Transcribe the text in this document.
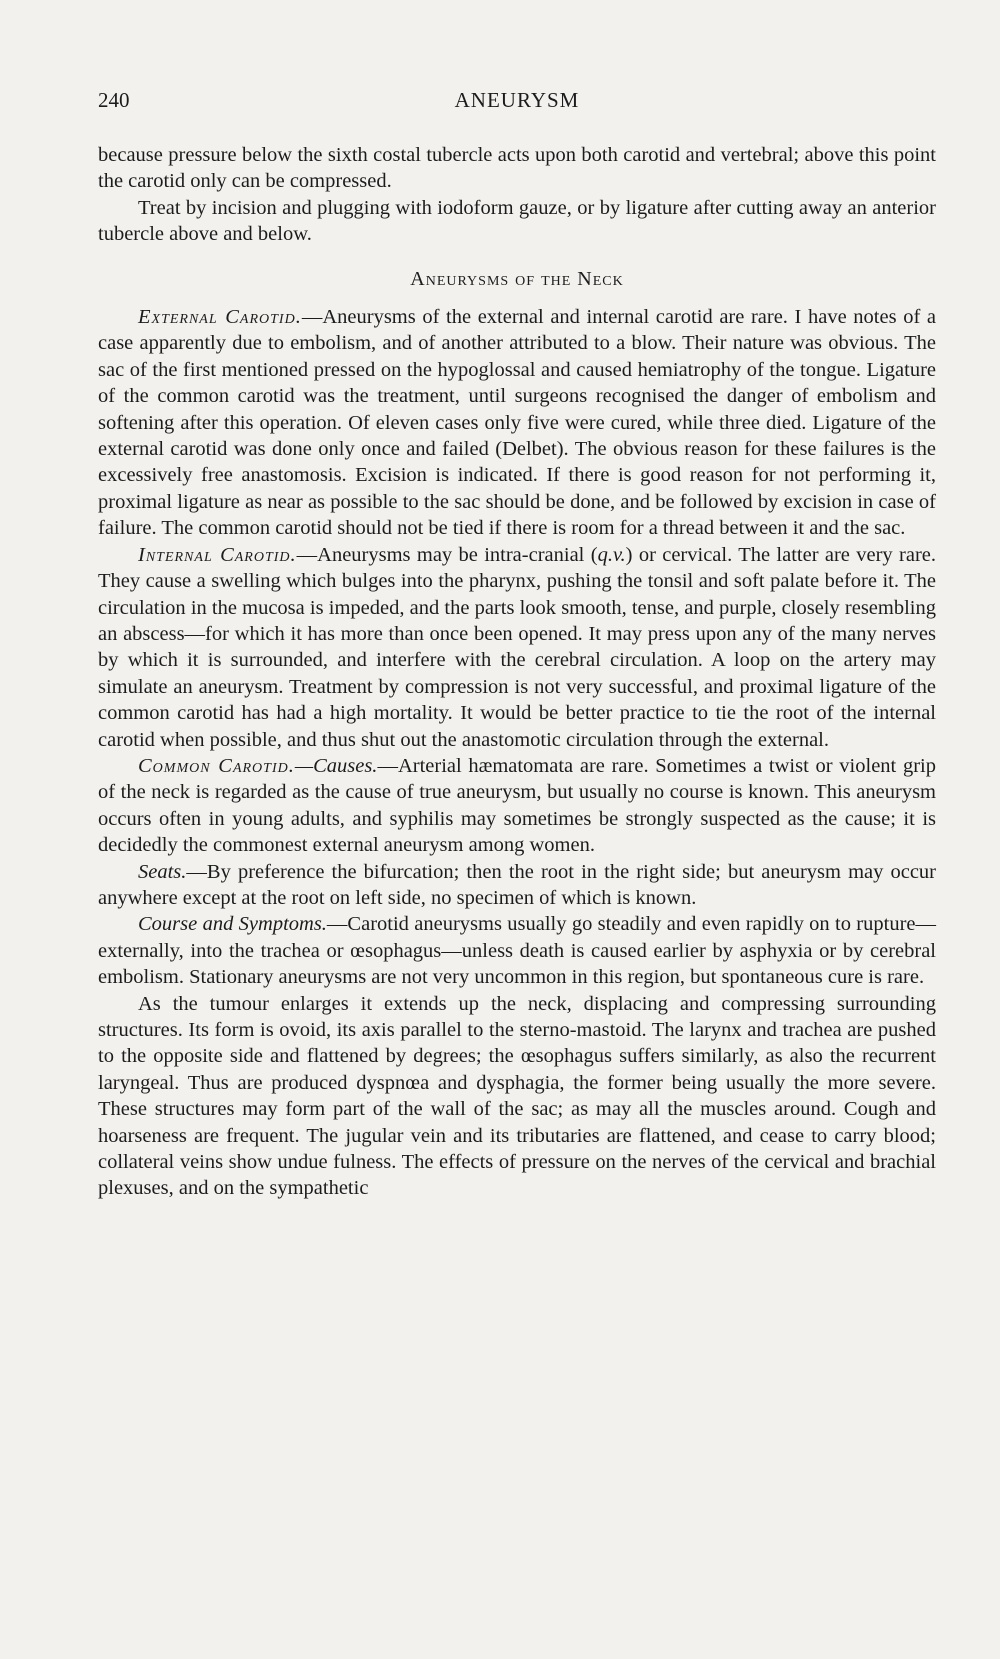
240	ANEURYSM

because pressure below the sixth costal tubercle acts upon both carotid and vertebral; above this point the carotid only can be compressed.

Treat by incision and plugging with iodoform gauze, or by ligature after cutting away an anterior tubercle above and below.

Aneurysms of the Neck

External Carotid.—Aneurysms of the external and internal carotid are rare. I have notes of a case apparently due to embolism, and of another attributed to a blow. Their nature was obvious. The sac of the first mentioned pressed on the hypoglossal and caused hemiatrophy of the tongue. Ligature of the common carotid was the treatment, until surgeons recognised the danger of embolism and softening after this operation. Of eleven cases only five were cured, while three died. Ligature of the external carotid was done only once and failed (Delbet). The obvious reason for these failures is the excessively free anastomosis. Excision is indicated. If there is good reason for not performing it, proximal ligature as near as possible to the sac should be done, and be followed by excision in case of failure. The common carotid should not be tied if there is room for a thread between it and the sac.

Internal Carotid.—Aneurysms may be intra-cranial (q.v.) or cervical. The latter are very rare. They cause a swelling which bulges into the pharynx, pushing the tonsil and soft palate before it. The circulation in the mucosa is impeded, and the parts look smooth, tense, and purple, closely resembling an abscess—for which it has more than once been opened. It may press upon any of the many nerves by which it is surrounded, and interfere with the cerebral circulation. A loop on the artery may simulate an aneurysm. Treatment by compression is not very successful, and proximal ligature of the common carotid has had a high mortality. It would be better practice to tie the root of the internal carotid when possible, and thus shut out the anastomotic circulation through the external.

Common Carotid.—Causes.—Arterial hæmatomata are rare. Sometimes a twist or violent grip of the neck is regarded as the cause of true aneurysm, but usually no course is known. This aneurysm occurs often in young adults, and syphilis may sometimes be strongly suspected as the cause; it is decidedly the commonest external aneurysm among women.

Seats.—By preference the bifurcation; then the root in the right side; but aneurysm may occur anywhere except at the root on left side, no specimen of which is known.

Course and Symptoms.—Carotid aneurysms usually go steadily and even rapidly on to rupture—externally, into the trachea or œsophagus—unless death is caused earlier by asphyxia or by cerebral embolism. Stationary aneurysms are not very uncommon in this region, but spontaneous cure is rare.

As the tumour enlarges it extends up the neck, displacing and compressing surrounding structures. Its form is ovoid, its axis parallel to the sterno-mastoid. The larynx and trachea are pushed to the opposite side and flattened by degrees; the œsophagus suffers similarly, as also the recurrent laryngeal. Thus are produced dyspnœa and dysphagia, the former being usually the more severe. These structures may form part of the wall of the sac; as may all the muscles around. Cough and hoarseness are frequent. The jugular vein and its tributaries are flattened, and cease to carry blood; collateral veins show undue fulness. The effects of pressure on the nerves of the cervical and brachial plexuses, and on the sympathetic
